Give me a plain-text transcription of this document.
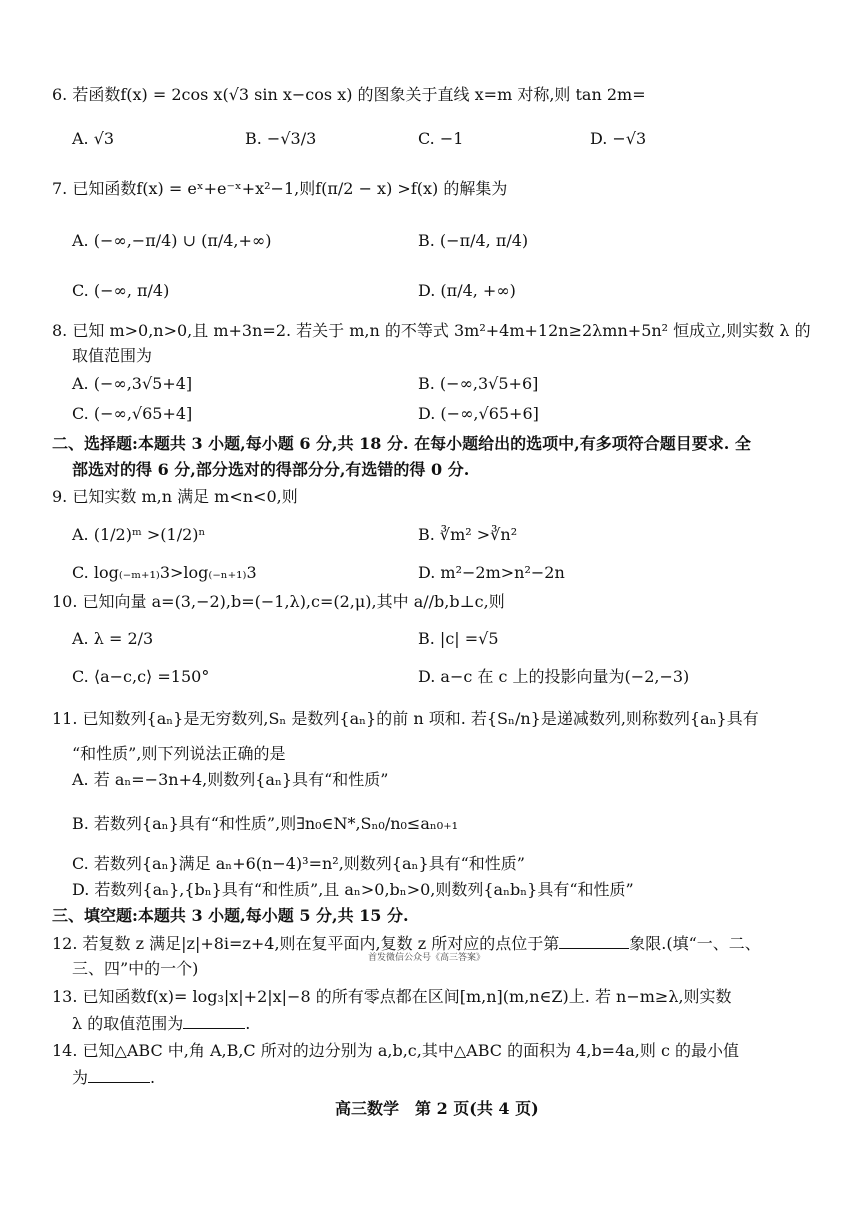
6. 若函数f(x) = 2cos x(√3 sin x−cos x) 的图象关于直线 x=m 对称,则 tan 2m=
A. √3	B. −√3/3	C. −1	D. −√3
7. 已知函数f(x) = eˣ+e⁻ˣ+x²−1,则f(π/2 − x) >f(x) 的解集为
A. (−∞,−π/4) ∪ (π/4,+∞)	B. (−π/4, π/4)
C. (−∞, π/4)	D. (π/4, +∞)
8. 已知 m>0,n>0,且 m+3n=2. 若关于 m,n 的不等式 3m²+4m+12n≥2λmn+5n² 恒成立,则实数 λ 的
取值范围为
A. (−∞,3√5+4]	B. (−∞,3√5+6]
C. (−∞,√65+4]	D. (−∞,√65+6]
二、选择题:本题共 3 小题,每小题 6 分,共 18 分. 在每小题给出的选项中,有多项符合题目要求. 全
部选对的得 6 分,部分选对的得部分分,有选错的得 0 分.
9. 已知实数 m,n 满足 m<n<0,则
A. (1/2)ᵐ >(1/2)ⁿ	B. ∛m² >∛n²
C. log₍₋ₘ₊₁₎3>log₍₋ₙ₊₁₎3	D. m²−2m>n²−2n
10. 已知向量 a=(3,−2),b=(−1,λ),c=(2,μ),其中 a//b,b⊥c,则
A. λ = 2/3	B. |c| =√5
C. ⟨a−c,c⟩ =150°	D. a−c 在 c 上的投影向量为(−2,−3)
11. 已知数列{aₙ}是无穷数列,Sₙ 是数列{aₙ}的前 n 项和. 若{Sₙ/n}是递减数列,则称数列{aₙ}具有
“和性质”,则下列说法正确的是
A. 若 aₙ=−3n+4,则数列{aₙ}具有“和性质”
B. 若数列{aₙ}具有“和性质”,则∃n₀∈N*,Sₙ₀/n₀≤aₙ₀₊₁
C. 若数列{aₙ}满足 aₙ+6(n−4)³=n²,则数列{aₙ}具有“和性质”
D. 若数列{aₙ},{bₙ}具有“和性质”,且 aₙ>0,bₙ>0,则数列{aₙbₙ}具有“和性质”
三、填空题:本题共 3 小题,每小题 5 分,共 15 分.
12. 若复数 z 满足|z|+8i=z+4,则在复平面内,复数 z 所对应的点位于第	象限.(填“一、二、
三、四”中的一个)
首发微信公众号《高三答案》
13. 已知函数f(x)= log₃|x|+2|x|−8 的所有零点都在区间[m,n](m,n∈Z)上. 若 n−m≥λ,则实数
λ 的取值范围为	.
14. 已知△ABC 中,角 A,B,C 所对的边分别为 a,b,c,其中△ABC 的面积为 4,b=4a,则 c 的最小值
为	.
高三数学　第 2 页(共 4 页)
